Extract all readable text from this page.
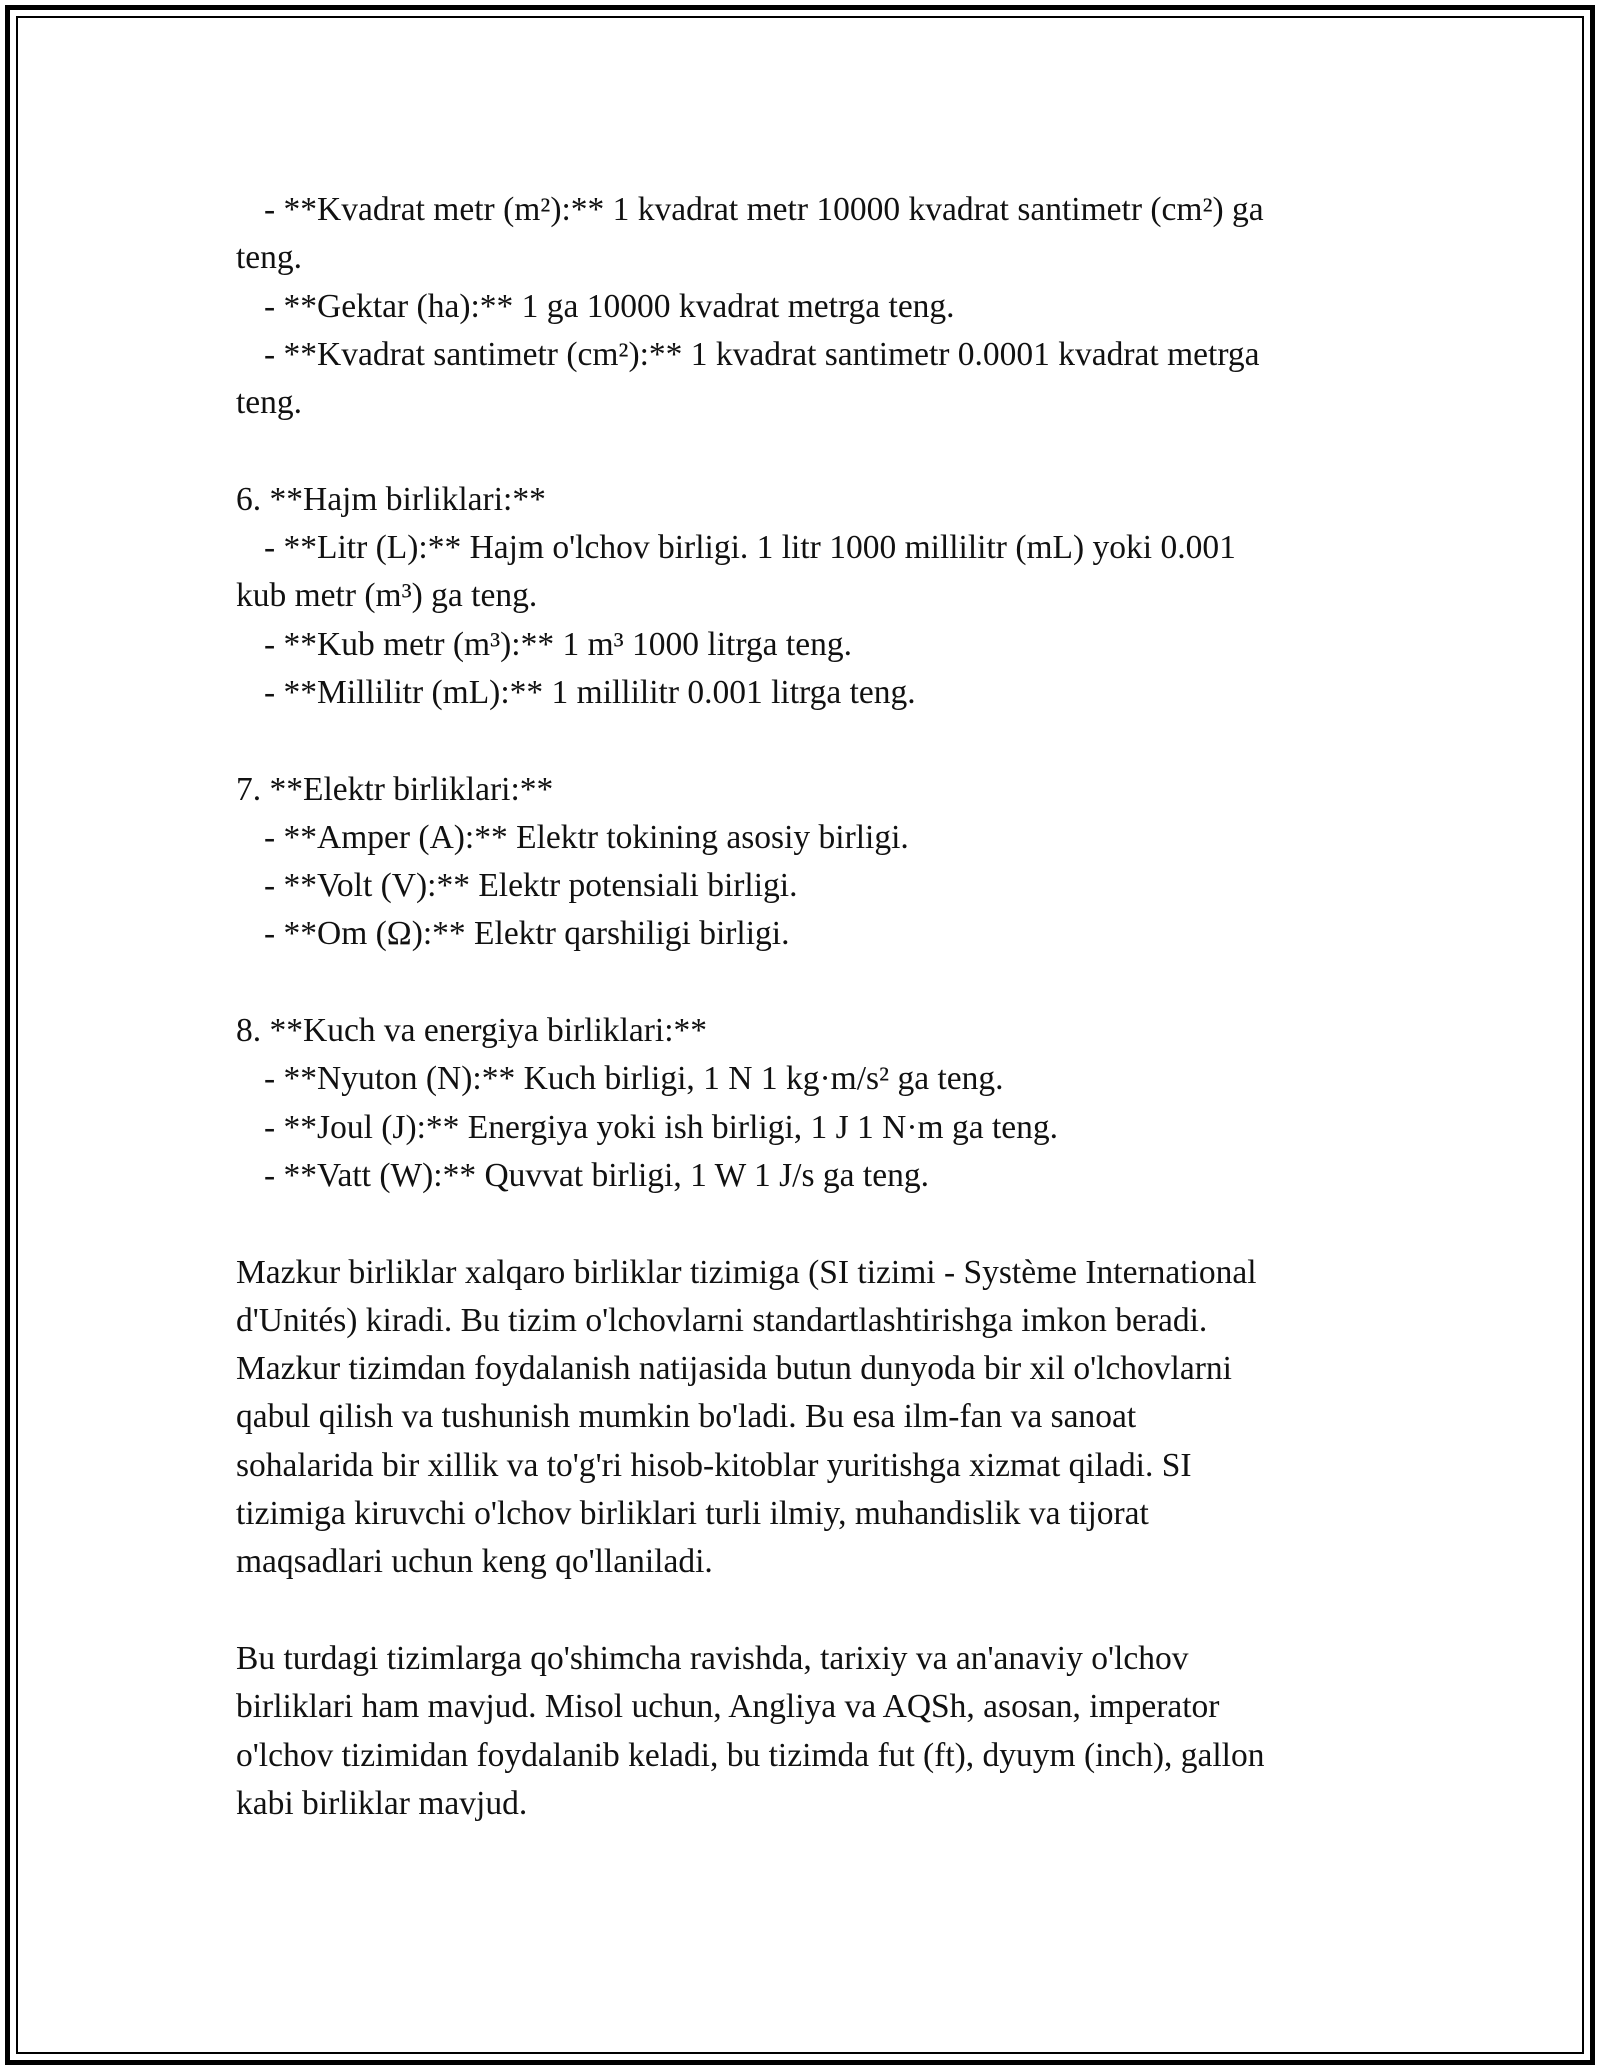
- **Kvadrat metr (m²):** 1 kvadrat metr 10000 kvadrat santimetr (cm²) ga
teng.
- **Gektar (ha):** 1 ga 10000 kvadrat metrga teng.
- **Kvadrat santimetr (cm²):** 1 kvadrat santimetr 0.0001 kvadrat metrga
teng.
6. **Hajm birliklari:**
- **Litr (L):** Hajm o'lchov birligi. 1 litr 1000 millilitr (mL) yoki 0.001
kub metr (m³) ga teng.
- **Kub metr (m³):** 1 m³ 1000 litrga teng.
- **Millilitr (mL):** 1 millilitr 0.001 litrga teng.
7. **Elektr birliklari:**
- **Amper (A):** Elektr tokining asosiy birligi.
- **Volt (V):** Elektr potensiali birligi.
- **Om (Ω):** Elektr qarshiligi birligi.
8. **Kuch va energiya birliklari:**
- **Nyuton (N):** Kuch birligi, 1 N 1 kg·m/s² ga teng.
- **Joul (J):** Energiya yoki ish birligi, 1 J 1 N·m ga teng.
- **Vatt (W):** Quvvat birligi, 1 W 1 J/s ga teng.
Mazkur birliklar xalqaro birliklar tizimiga (SI tizimi - Système International
d'Unités) kiradi. Bu tizim o'lchovlarni standartlashtirishga imkon beradi.
Mazkur tizimdan foydalanish natijasida butun dunyoda bir xil o'lchovlarni
qabul qilish va tushunish mumkin bo'ladi. Bu esa ilm-fan va sanoat
sohalarida bir xillik va to'g'ri hisob-kitoblar yuritishga xizmat qiladi. SI
tizimiga kiruvchi o'lchov birliklari turli ilmiy, muhandislik va tijorat
maqsadlari uchun keng qo'llaniladi.
Bu turdagi tizimlarga qo'shimcha ravishda, tarixiy va an'anaviy o'lchov
birliklari ham mavjud. Misol uchun, Angliya va AQSh, asosan, imperator
o'lchov tizimidan foydalanib keladi, bu tizimda fut (ft), dyuym (inch), gallon
kabi birliklar mavjud.
